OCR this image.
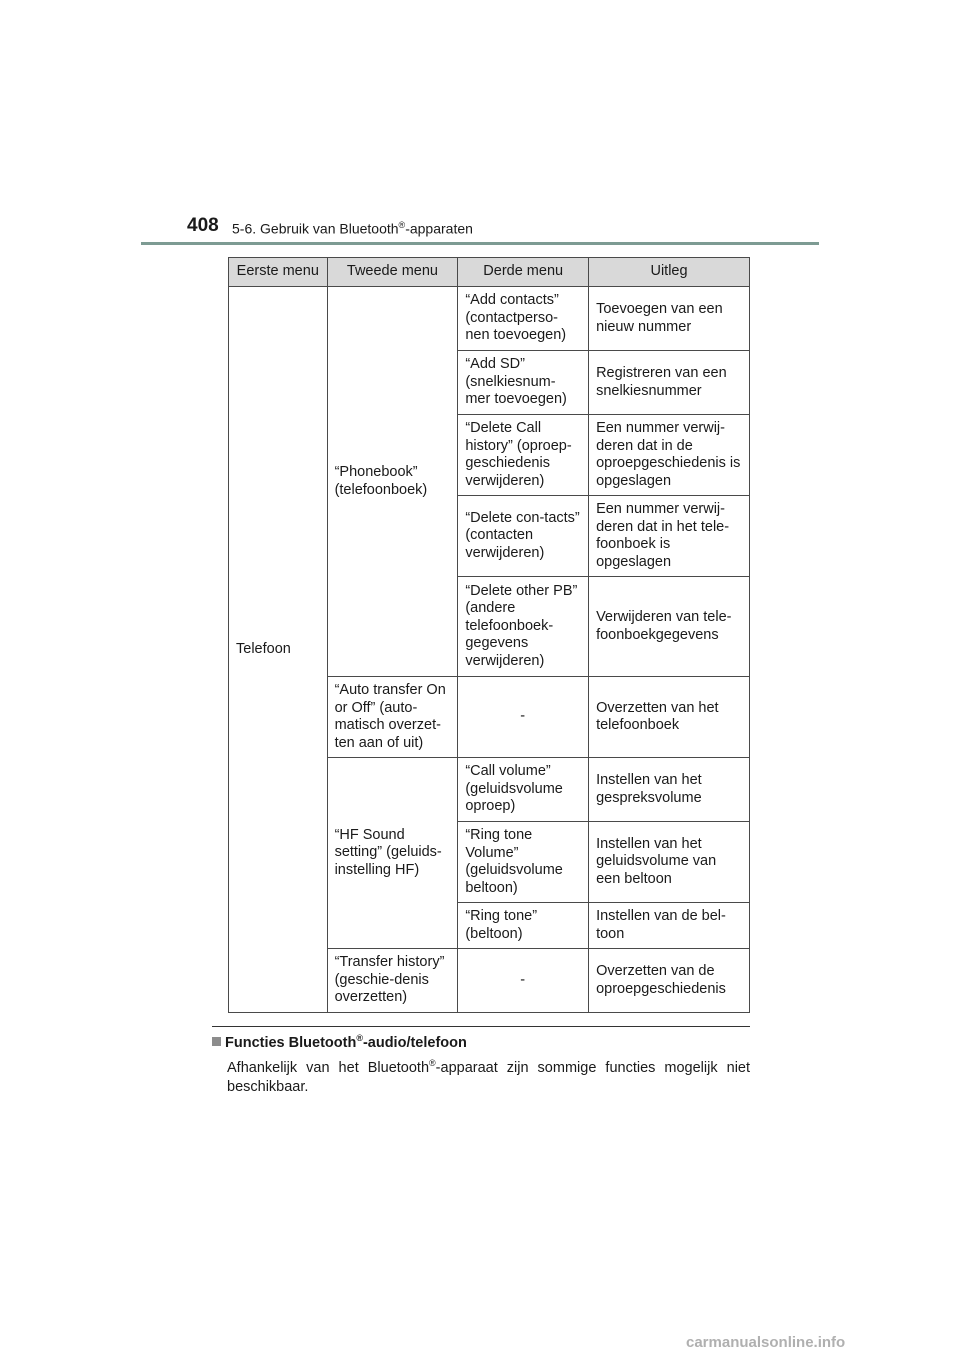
408 5-6. Gebruik van Bluetooth®-apparaten
Eerste menu	Tweede menu	Derde menu	Uitleg
Telefoon	“Phonebook” (telefoonboek)	“Add contacts” (contactperso-nen toevoegen)	Toevoegen van een nieuw nummer
		“Add SD” (snelkiesnum-mer toevoegen)	Registreren van een snelkiesnummer
		“Delete Call history” (oproep-geschiedenis verwijderen)	Een nummer verwij-deren dat in de oproepgeschiedenis is opgeslagen
		“Delete con-tacts” (contacten verwijderen)	Een nummer verwij-deren dat in het tele-foonboek is opgeslagen
		“Delete other PB” (andere telefoonboek-gegevens verwijderen)	Verwijderen van tele-foonboekgegevens
	“Auto transfer On or Off” (auto-matisch overzet-ten aan of uit)	-	Overzetten van het telefoonboek
	“HF Sound setting” (geluids-instelling HF)	“Call volume” (geluidsvolume oproep)	Instellen van het gespreksvolume
		“Ring tone Volume” (geluidsvolume beltoon)	Instellen van het geluidsvolume van een beltoon
		“Ring tone” (beltoon)	Instellen van de bel-toon
	“Transfer history” (geschie-denis overzetten)	-	Overzetten van de oproepgeschiedenis
Functies Bluetooth®-audio/telefoon
Afhankelijk van het Bluetooth®-apparaat zijn sommige functies mogelijk niet beschikbaar.
carmanualsonline.info
